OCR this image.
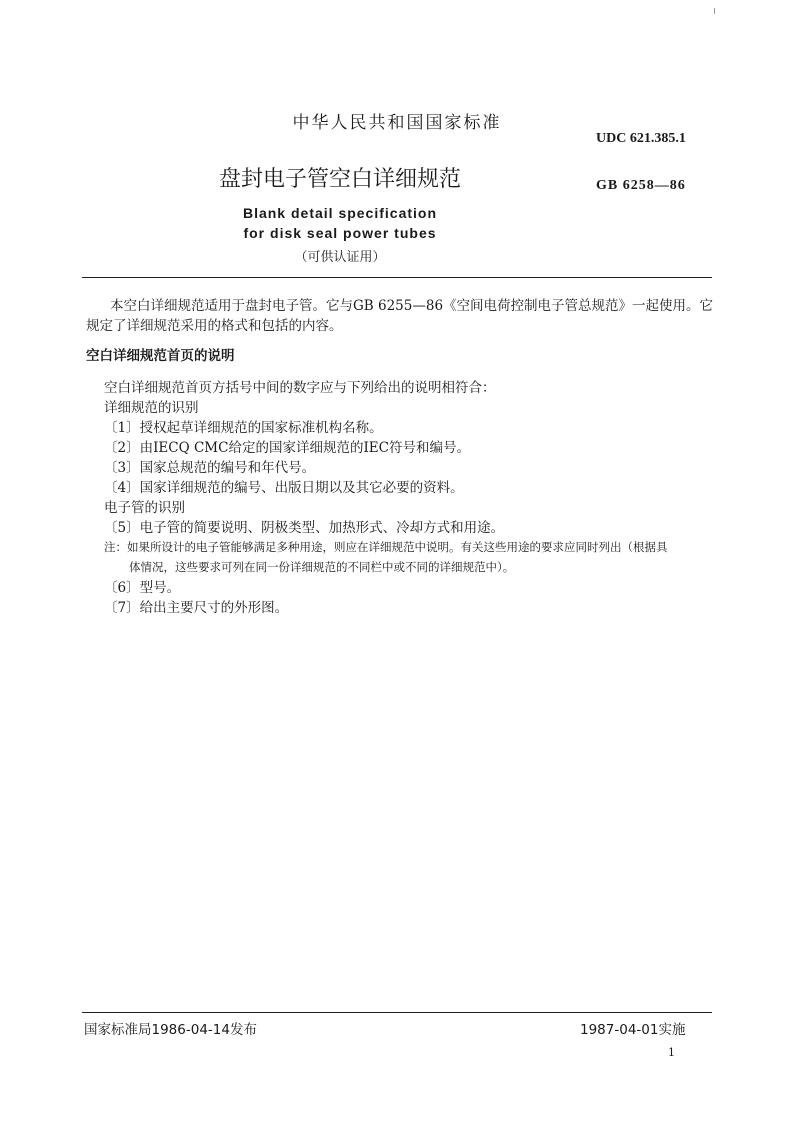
中华人民共和国国家标准
UDC 621.385.1
盘封电子管空白详细规范	GB 6258—86
Blank detail specification
for disk seal power tubes
（可供认证用）

本空白详细规范适用于盘封电子管。它与GB 6255—86《空间电荷控制电子管总规范》一起使用。它规定了详细规范采用的格式和包括的内容。

空白详细规范首页的说明

空白详细规范首页方括号中间的数字应与下列给出的说明相符合：

详细规范的识别

〔1〕授权起草详细规范的国家标准机构名称。

〔2〕由IECQ CMC给定的国家详细规范的IEC符号和编号。

〔3〕国家总规范的编号和年代号。

〔4〕国家详细规范的编号、出版日期以及其它必要的资料。

电子管的识别

〔5〕电子管的简要说明、阴极类型、加热形式、冷却方式和用途。

注：如果所设计的电子管能够满足多种用途，则应在详细规范中说明。有关这些用途的要求应同时列出（根据具

体情况，这些要求可列在同一份详细规范的不同栏中或不同的详细规范中）。

〔6〕型号。

〔7〕给出主要尺寸的外形图。

国家标准局1986-04-14发布	1987-04-01实施
1
